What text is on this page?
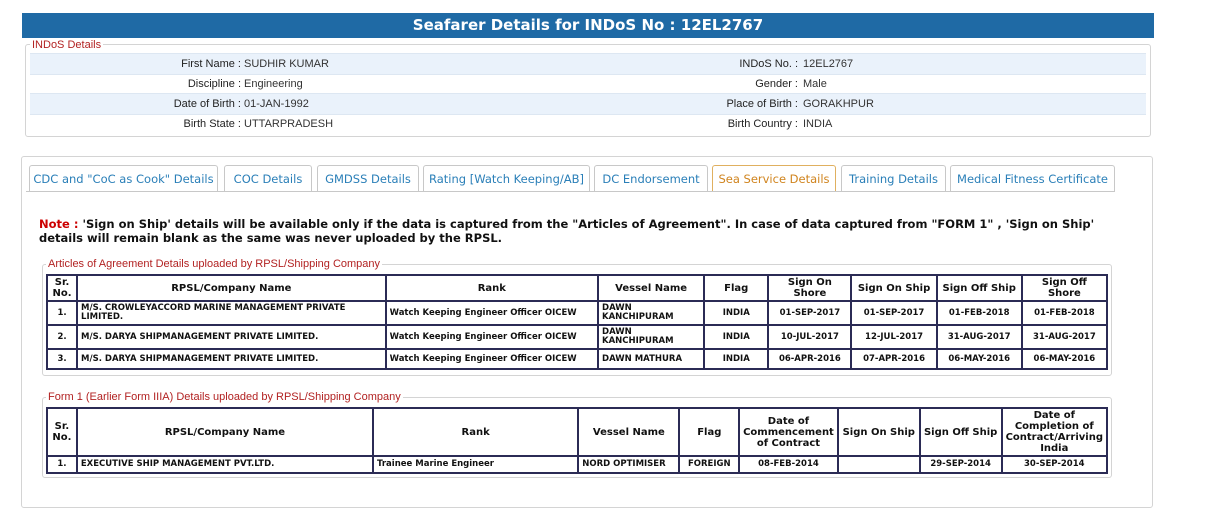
Seafarer Details for INDoS No : 12EL2767
INDoS Details
First Name : SUDHIR KUMAR	INDoS No. : 12EL2767
Discipline : Engineering	Gender : Male
Date of Birth : 01-JAN-1992	Place of Birth : GORAKHPUR
Birth State : UTTARPRADESH	Birth Country : INDIA
CDC and "CoC as Cook" Details	COC Details	GMDSS Details	Rating [Watch Keeping/AB]	DC Endorsement	Sea Service Details	Training Details	Medical Fitness Certificate
Note : 'Sign on Ship' details will be available only if the data is captured from the "Articles of Agreement". In case of data captured from "FORM 1" , 'Sign on Ship' details will remain blank as the same was never uploaded by the RPSL.
Articles of Agreement Details uploaded by RPSL/Shipping Company
Sr. No.	RPSL/Company Name	Rank	Vessel Name	Flag	Sign On Shore	Sign On Ship	Sign Off Ship	Sign Off Shore
1.	M/S. CROWLEYACCORD MARINE MANAGEMENT PRIVATE LIMITED.	Watch Keeping Engineer Officer OICEW	DAWN KANCHIPURAM	INDIA	01-SEP-2017	01-SEP-2017	01-FEB-2018	01-FEB-2018
2.	M/S. DARYA SHIPMANAGEMENT PRIVATE LIMITED.	Watch Keeping Engineer Officer OICEW	DAWN KANCHIPURAM	INDIA	10-JUL-2017	12-JUL-2017	31-AUG-2017	31-AUG-2017
3.	M/S. DARYA SHIPMANAGEMENT PRIVATE LIMITED.	Watch Keeping Engineer Officer OICEW	DAWN MATHURA	INDIA	06-APR-2016	07-APR-2016	06-MAY-2016	06-MAY-2016
Form 1 (Earlier Form IIIA) Details uploaded by RPSL/Shipping Company
Sr. No.	RPSL/Company Name	Rank	Vessel Name	Flag	Date of Commencement of Contract	Sign On Ship	Sign Off Ship	Date of Completion of Contract/Arriving India
1.	EXECUTIVE SHIP MANAGEMENT PVT.LTD.	Trainee Marine Engineer	NORD OPTIMISER	FOREIGN	08-FEB-2014		29-SEP-2014	30-SEP-2014
